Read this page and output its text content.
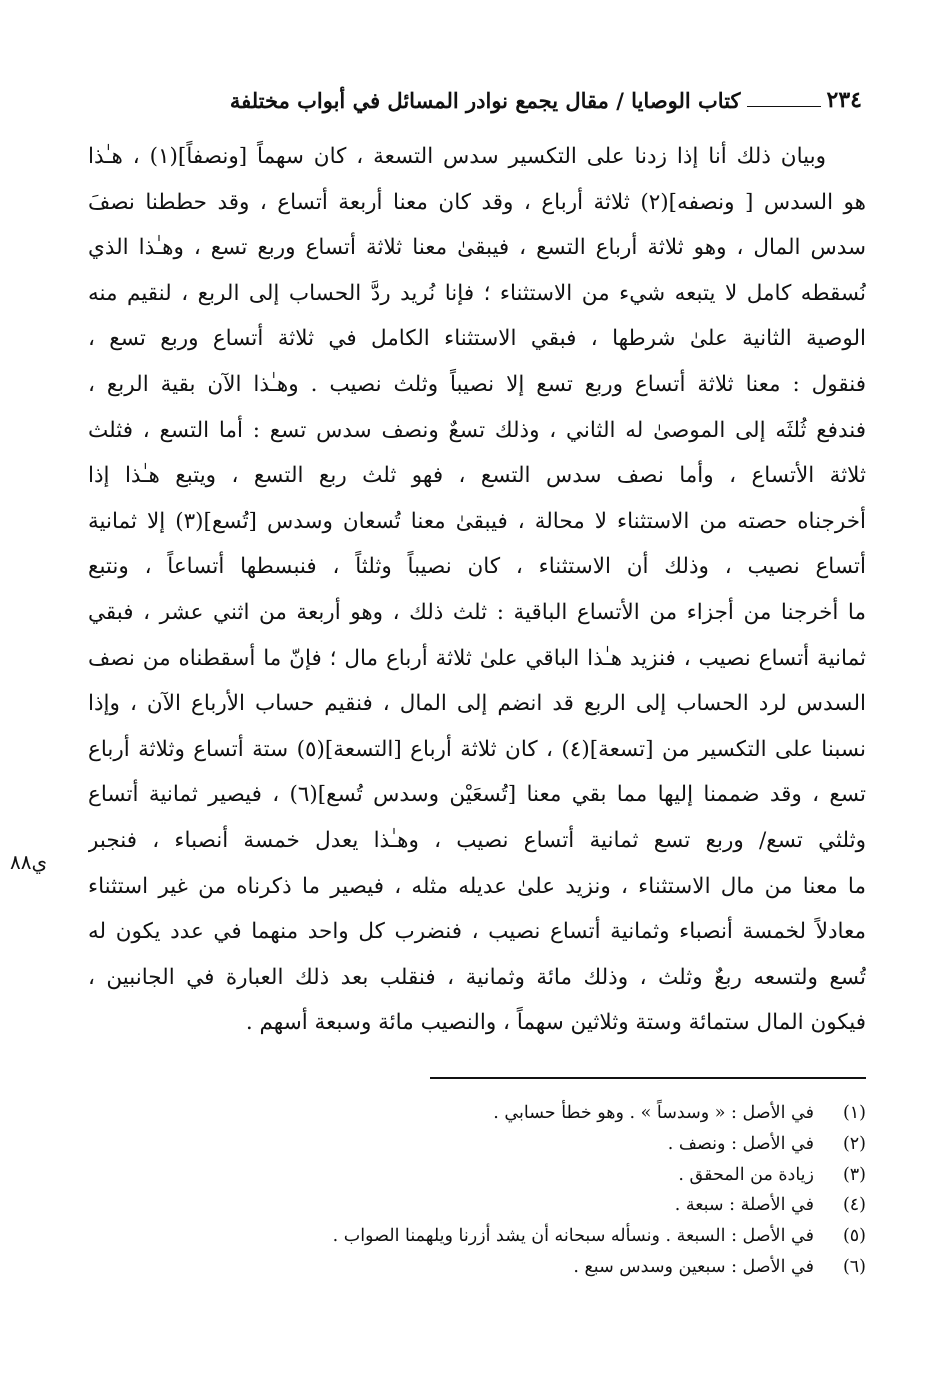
٢٣٤
كتاب الوصايا / مقال يجمع نوادر المسائل في أبواب مختلفة
وبيان ذلك أنا إذا زدنا على التكسير سدس التسعة ، كان سهماً [ونصفاً](١) ، هـٰذا
هو السدس [ ونصفه](٢) ثلاثة أرباع ، وقد كان معنا أربعة أتساع ، وقد حططنا نصفَ
سدس المال ، وهو ثلاثة أرباع التسع ، فيبقىٰ معنا ثلاثة أتساع وربع تسع ، وهـٰذا الذي
نُسقطه كامل لا يتبعه شيء من الاستثناء ؛ فإنا نُريد ردَّ الحساب إلى الربع ، لنقيم منه
الوصية الثانية علىٰ شرطها ، فبقي الاستثناء الكامل في ثلاثة أتساع وربع تسع ،
فنقول : معنا ثلاثة أتساع وربع تسع إلا نصيباً وثلث نصيب . وهـٰذا الآن بقية الربع ،
فندفع ثُلثَه إلى الموصىٰ له الثاني ، وذلك تسعٌ ونصف سدس تسع : أما التسع ، فثلث
ثلاثة الأتساع ، وأما نصف سدس التسع ، فهو ثلث ربع التسع ، ويتبع هـٰذا إذا
أخرجناه حصته من الاستثناء لا محالة ، فيبقىٰ معنا تُسعان وسدس [تُسع](٣) إلا ثمانية
أتساع نصيب ، وذلك أن الاستثناء ، كان نصيباً وثلثاً ، فنبسطها أتساعاً ، ونتبع
ما أخرجنا من أجزاء من الأتساع الباقية : ثلث ذلك ، وهو أربعة من اثني عشر ، فبقي
ثمانية أتساع نصيب ، فنزيد هـٰذا الباقي علىٰ ثلاثة أرباع مال ؛ فإنّ ما أسقطناه من نصف
السدس لرد الحساب إلى الربع قد انضم إلى المال ، فنقيم حساب الأرباع الآن ، وإذا
نسبنا على التكسير من [تسعة](٤) ، كان ثلاثة أرباع [التسعة](٥) ستة أتساع وثلاثة أرباع
تسع ، وقد ضممنا إليها مما بقي معنا [تُسعَيْن وسدس تُسع](٦) ، فيصير ثمانية أتساع
وثلثي تسع/ وربع تسع ثمانية أتساع نصيب ، وهـٰذا يعدل خمسة أنصباء ، فنجبر
ما معنا من مال الاستثناء ، ونزيد علىٰ عديله مثله ، فيصير ما ذكرناه من غير استثناء
معادلاً لخمسة أنصباء وثمانية أتساع نصيب ، فنضرب كل واحد منهما في عدد يكون له
تُسع ولتسعه ربعٌ وثلث ، وذلك مائة وثمانية ، فنقلب بعد ذلك العبارة في الجانبين ،
فيكون المال ستمائة وستة وثلاثين سهماً ، والنصيب مائة وسبعة أسهم .
ي٨٨
(١)
في الأصل : « وسدساً » . وهو خطأ حسابي .
(٢)
في الأصل : ونصف .
(٣)
زيادة من المحقق .
(٤)
في الأصلة : سبعة .
(٥)
في الأصل : السبعة . ونسأله سبحانه أن يشد أزرنا ويلهمنا الصواب .
(٦)
في الأصل : سبعين وسدس سبع .
